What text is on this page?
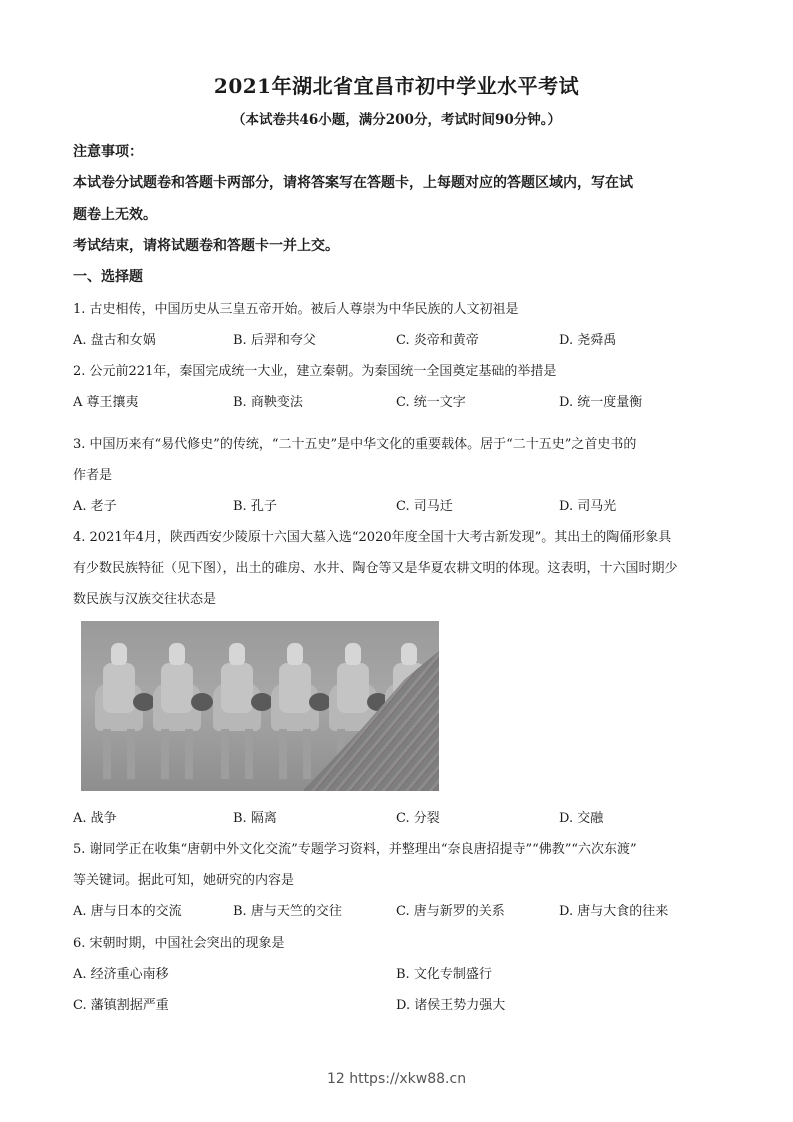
2021年湖北省宜昌市初中学业水平考试
（本试卷共46小题，满分200分，考试时间90分钟。）
注意事项：
本试卷分试题卷和答题卡两部分，请将答案写在答题卡，上每题对应的答题区域内，写在试
题卷上无效。
考试结束，请将试题卷和答题卡一并上交。
一、选择题
1. 古史相传，中国历史从三皇五帝开始。被后人尊崇为中华民族的人文初祖是
A. 盘古和女娲	B. 后羿和夸父	C. 炎帝和黄帝	D. 尧舜禹
2. 公元前221年，秦国完成统一大业，建立秦朝。为秦国统一全国奠定基础的举措是
A 尊王攘夷	B. 商鞅变法	C. 统一文字	D. 统一度量衡
3. 中国历来有“易代修史”的传统，“二十五史”是中华文化的重要载体。居于“二十五史”之首史书的
作者是
A. 老子	B. 孔子	C. 司马迁	D. 司马光
4. 2021年4月，陕西西安少陵原十六国大墓入选“2020年度全国十大考古新发现”。其出土的陶俑形象具
有少数民族特征（见下图），出土的碓房、水井、陶仓等又是华夏农耕文明的体现。这表明，十六国时期少
数民族与汉族交往状态是
A. 战争	B. 隔离	C. 分裂	D. 交融
5. 谢同学正在收集“唐朝中外文化交流”专题学习资料，并整理出“奈良唐招提寺”“佛教”“六次东渡”
等关键词。据此可知，她研究的内容是
A. 唐与日本的交流	B. 唐与天竺的交往	C. 唐与新罗的关系	D. 唐与大食的往来
6. 宋朝时期，中国社会突出的现象是
A. 经济重心南移	B. 文化专制盛行
C. 藩镇割据严重	D. 诸侯王势力强大
12 https://xkw88.cn
